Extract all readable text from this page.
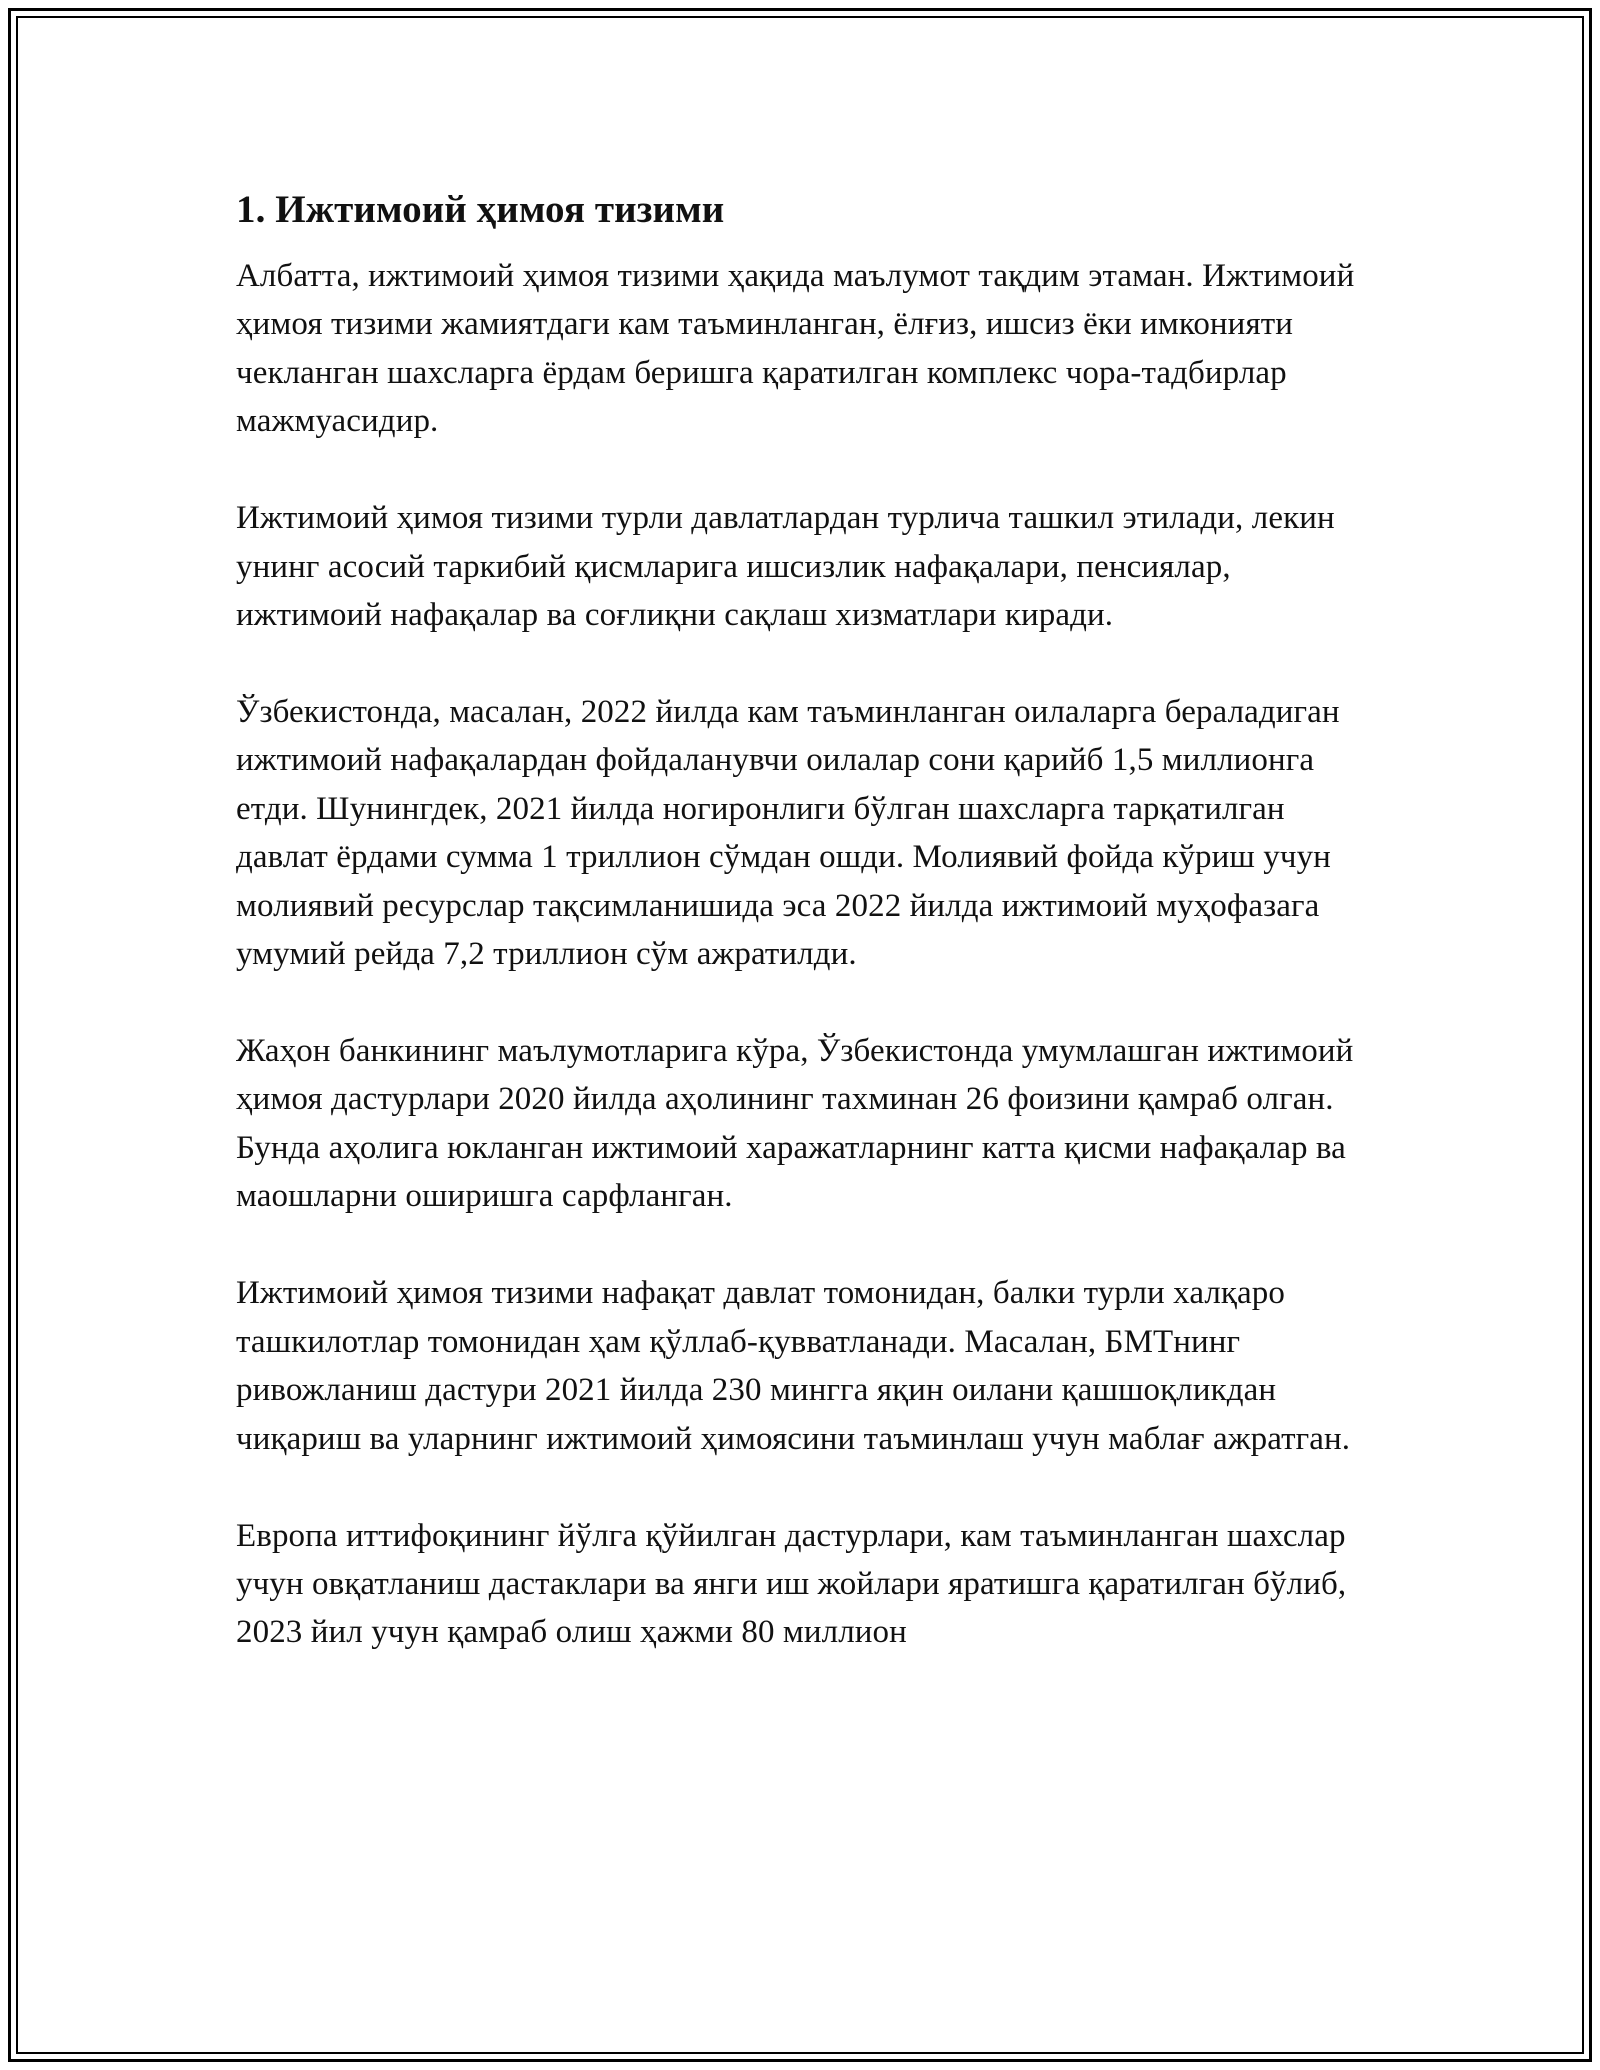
1. Ижтимоий ҳимоя тизими

Албатта, ижтимоий ҳимоя тизими ҳақида маълумот тақдим этаман. Ижтимоий ҳимоя тизими жамиятдаги кам таъминланган, ёлғиз, ишсиз ёки имконияти чекланган шахсларга ёрдам беришга қаратилган комплекс чора-тадбирлар мажмуасидир.

Ижтимоий ҳимоя тизими турли давлатлардан турлича ташкил этилади, лекин унинг асосий таркибий қисмларига ишсизлик нафақалари, пенсиялар, ижтимоий нафақалар ва соғлиқни сақлаш хизматлари киради.

Ўзбекистонда, масалан, 2022 йилда кам таъминланган оилаларга бераладиган ижтимоий нафақалардан фойдаланувчи оилалар сони қарийб 1,5 миллионга етди. Шунингдек, 2021 йилда ногиронлиги бўлган шахсларга тарқатилган давлат ёрдами сумма 1 триллион сўмдан ошди. Молиявий фойда кўриш учун молиявий ресурслар тақсимланишида эса 2022 йилда ижтимоий муҳофазага умумий рейда 7,2 триллион сўм ажратилди.

Жаҳон банкининг маълумотларига кўра, Ўзбекистонда умумлашган ижтимоий ҳимоя дастурлари 2020 йилда аҳолининг тахминан 26 фоизини қамраб олган. Бунда аҳолига юкланган ижтимоий харажатларнинг катта қисми нафақалар ва маошларни оширишга сарфланган.

Ижтимоий ҳимоя тизими нафақат давлат томонидан, балки турли халқаро ташкилотлар томонидан ҳам қўллаб-қувватланади. Масалан, БМТнинг ривожланиш дастури 2021 йилда 230 мингга яқин оилани қашшоқликдан чиқариш ва уларнинг ижтимоий ҳимоясини таъминлаш учун маблағ ажратган.

Европа иттифоқининг йўлга қўйилган дастурлари, кам таъминланган шахслар учун овқатланиш дастаклари ва янги иш жойлари яратишга қаратилган бўлиб, 2023 йил учун қамраб олиш ҳажми 80 миллион
